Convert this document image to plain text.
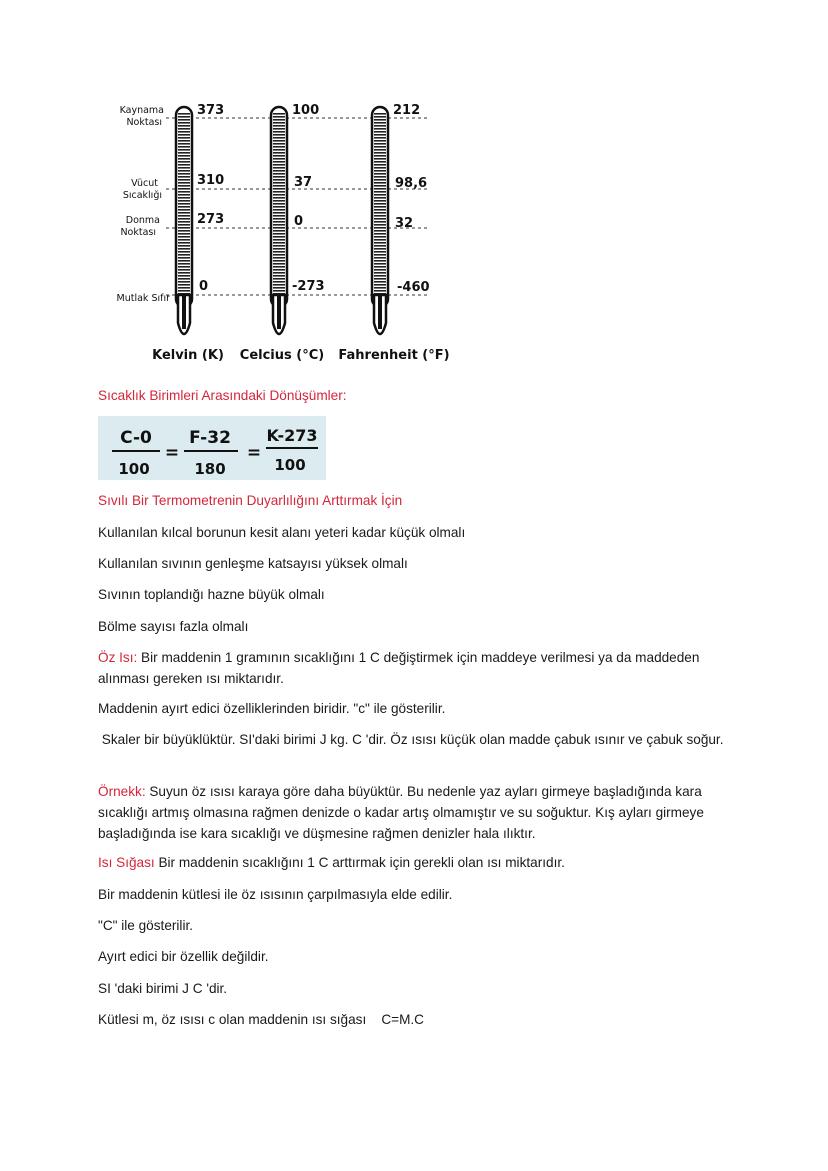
Kaynama
Noktası
Vücut
Sıcaklığı
Donma
Noktası
Mutlak Sıfır
373
310
273
0
100
37
0
-273
212
98,6
32
-460
Kelvin (K) Celcius (°C) Fahrenheit (°F)
Sıcaklık Birimleri Arasındaki Dönüşümler:
C-0
100
=
F-32
180
=
K-273
100
Sıvılı Bir Termometrenin Duyarlılığını Arttırmak İçin
Kullanılan kılcal borunun kesit alanı yeteri kadar küçük olmalı
Kullanılan sıvının genleşme katsayısı yüksek olmalı
Sıvının toplandığı hazne büyük olmalı
Bölme sayısı fazla olmalı
Öz Isı: Bir maddenin 1 gramının sıcaklığını 1 C değiştirmek için maddeye verilmesi ya da maddeden alınması gereken ısı miktarıdır.
Maddenin ayırt edici özelliklerinden biridir. "c" ile gösterilir.
Skaler bir büyüklüktür. SI'daki birimi J kg. C 'dir. Öz ısısı küçük olan madde çabuk ısınır ve çabuk soğur.
Örnekk: Suyun öz ısısı karaya göre daha büyüktür. Bu nedenle yaz ayları girmeye başladığında kara sıcaklığı artmış olmasına rağmen denizde o kadar artış olmamıştır ve su soğuktur. Kış ayları girmeye başladığında ise kara sıcaklığı ve düşmesine rağmen denizler hala ılıktır.
Isı Sığası Bir maddenin sıcaklığını 1 C arttırmak için gerekli olan ısı miktarıdır.
Bir maddenin kütlesi ile öz ısısının çarpılmasıyla elde edilir.
"C" ile gösterilir.
Ayırt edici bir özellik değildir.
SI 'daki birimi J C 'dir.
Kütlesi m, öz ısısı c olan maddenin ısı sığası    C=M.C
